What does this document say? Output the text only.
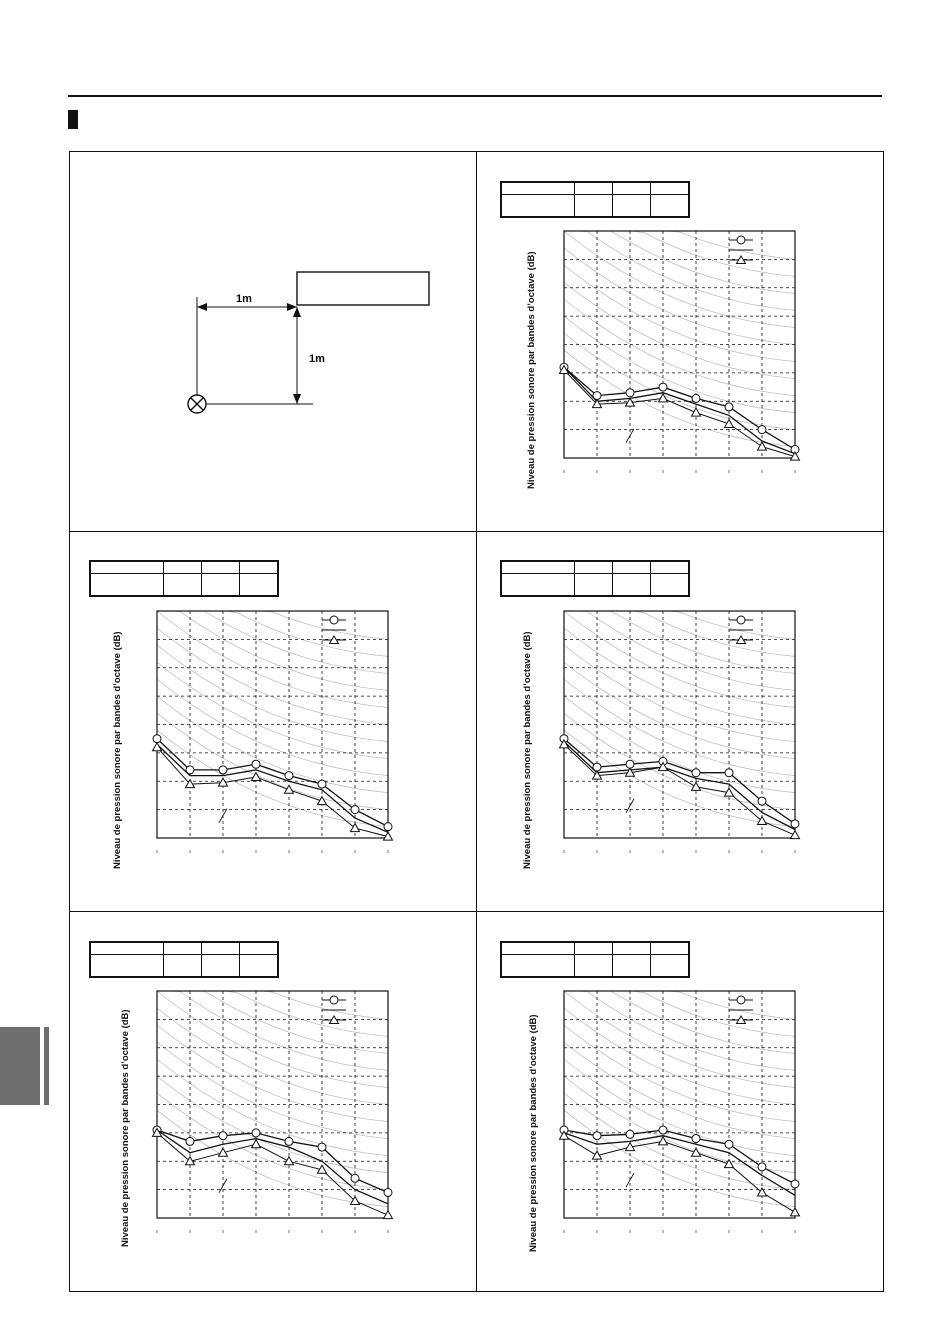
1m
1m

				Niveau de pression sonore par bandes d’octave (dB)

Niveau de pression sonore par bandes d’octave (dB)

				Niveau de pression sonore par bandes d’octave (dB)

Niveau de pression sonore par bandes d’octave (dB)

				Niveau de pression sonore par bandes d’octave (dB)
